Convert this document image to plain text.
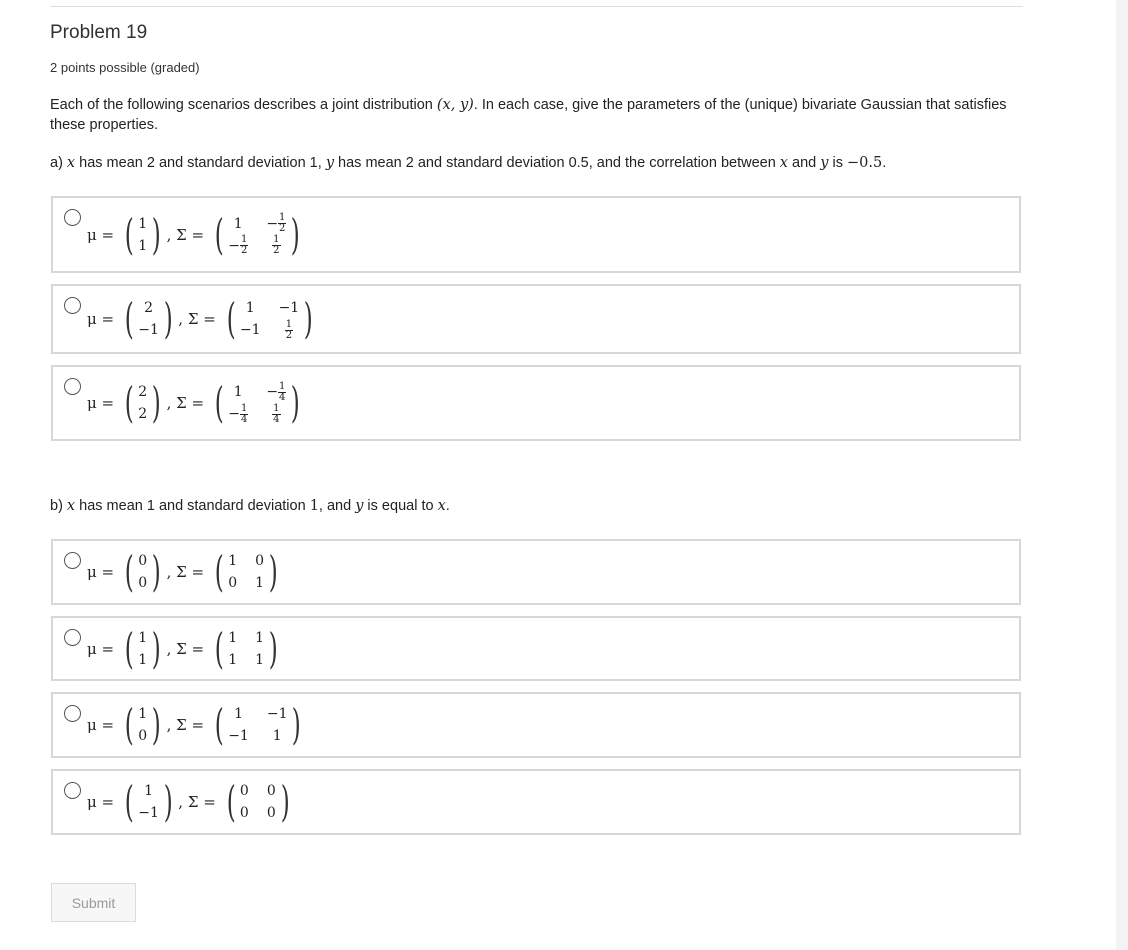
Problem 19
2 points possible (graded)
Each of the following scenarios describes a joint distribution (x, y). In each case, give the parameters of the (unique) bivariate Gaussian that satisfies these properties.
a) x has mean 2 and standard deviation 1, y has mean 2 and standard deviation 0.5, and the correlation between x and y is −0.5.
b) x has mean 1 and standard deviation 1, and y is equal to x.
μ = ( 1
1 ) , Σ = ( $1 - \frac{1}{2}$
− $\frac{1}{2} \frac{1}{2}$ )
μ = ( 2
−1 ) , Σ = ( 1 −1
$-1 \frac{1}{2}$ )
μ = ( 2
2 ) , Σ = ( $1 - \frac{1}{4}$
− $\frac{1}{4} \frac{1}{4}$ )
μ = ( 0
0 ) , Σ = ( 1 0
0 1 )
μ = ( 1
1 ) , Σ = ( 1 1
1 1 )
μ = ( 1
0 ) , Σ = ( 1 −1
−1 1 )
μ = ( 1
−1 ) , Σ = ( 0 0
0 0 )
Submit
